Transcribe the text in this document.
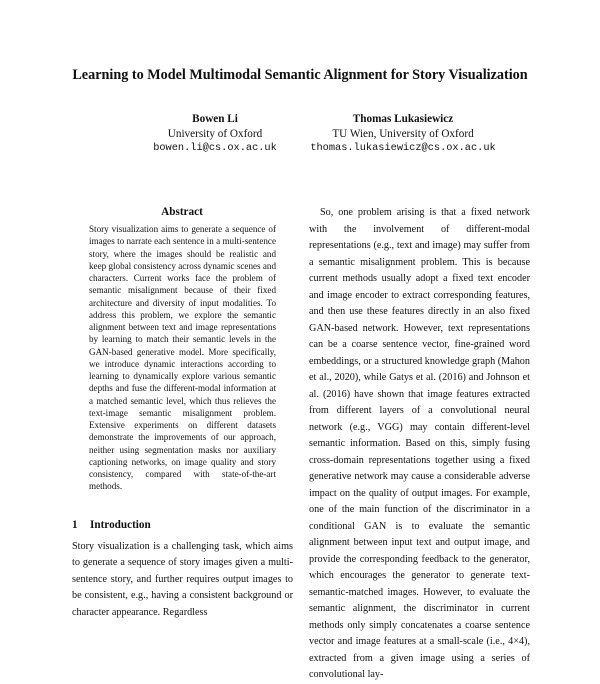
Learning to Model Multimodal Semantic Alignment for Story Visualization
Bowen Li
University of Oxford
bowen.li@cs.ox.ac.uk
Thomas Lukasiewicz
TU Wien, University of Oxford
thomas.lukasiewicz@cs.ox.ac.uk
Abstract

Story visualization aims to generate a sequence of images to narrate each sentence in a multi-sentence story, where the images should be realistic and keep global consistency across dynamic scenes and characters. Current works face the problem of semantic misalignment because of their fixed architecture and diversity of input modalities. To address this problem, we explore the semantic alignment between text and image representations by learning to match their semantic levels in the GAN-based generative model. More specifically, we introduce dynamic interactions according to learning to dynamically explore various semantic depths and fuse the different-modal information at a matched semantic level, which thus relieves the text-image semantic misalignment problem. Extensive experiments on different datasets demonstrate the improvements of our approach, neither using segmentation masks nor auxiliary captioning networks, on image quality and story consistency, compared with state-of-the-art methods.

1 Introduction

Story visualization is a challenging task, which aims to generate a sequence of story images given a multi-sentence story, and further requires output images to be consistent, e.g., having a consistent background or character appearance. Regardless

So, one problem arising is that a fixed network with the involvement of different-modal representations (e.g., text and image) may suffer from a semantic misalignment problem. This is because current methods usually adopt a fixed text encoder and image encoder to extract corresponding features, and then use these features directly in an also fixed GAN-based network. However, text representations can be a coarse sentence vector, fine-grained word embeddings, or a structured knowledge graph (Mahon et al., 2020), while Gatys et al. (2016) and Johnson et al. (2016) have shown that image features extracted from different layers of a convolutional neural network (e.g., VGG) may contain different-level semantic information. Based on this, simply fusing cross-domain representations together using a fixed generative network may cause a considerable adverse impact on the quality of output images. For example, one of the main function of the discriminator in a conditional GAN is to evaluate the semantic alignment between input text and output image, and provide the corresponding feedback to the generator, which encourages the generator to generate text-semantic-matched images. However, to evaluate the semantic alignment, the discriminator in current methods only simply concatenates a coarse sentence vector and image features at a small-scale (i.e., 4×4), extracted from a given image using a series of convolutional lay-
